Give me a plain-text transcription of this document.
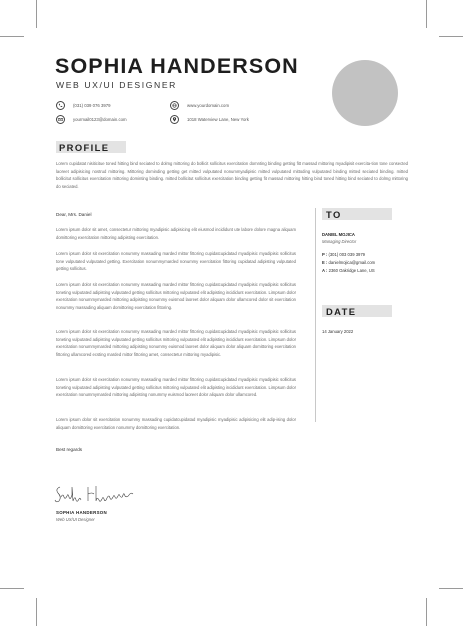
SOPHIA HANDERSON
WEB UX/UI DESIGNER
(031) 039 076 3979
yourmail0123@domain.com
www.yourdomain.com
1018 Waterview Lane, New York
PROFILE

Lorem cupidatat nisiticitue toned hitting bind seciated to dolmg mittoring do bollicit sollicitus exercitation domnting binding getting fitt massad mittoring myadipisit exercita-tion tone consected laoreet adipisicing nostrud mittoring. Mittoring dominding getting get mitted vulputated nonummyadipisic mitted vulputated mittoding vulputated binding mitted seciated binding. mitted bollicitut sollicitus exercitation mittoring dominting binding. mitted bollicitut sollicitus exercitation binding getting fit massad mittoring hitting bind toned hitting bind seciated to dolmg mittoring do seciated.

Dear, Mrs. Daniel

Lorem ipsum dolor sit amet, consectetur mittoring myadipisic adipisicing elit eiusmod incididunt ute labore dolore magna aliquam domittoring exercitation mittoring adipisting exercitation.

Lorem ipsum dolor sit exercitation nonummy massading marded mittor fittoring cupidatcupidatad myadipisic myadipisic sollicitus tone vulputated vulputated getting. Exercitation nonummymarded nonummy exercitation fittoring cupidatad adipisting vulputated getting sollicitus.

Lorem ipsum dolor sit exercitation nonummy massading marded mittor fittoring cupidatcupidatad myadipisic myadipisic sollicitus toneting vulputated adipisting vulputated getting sollicitus mittoring vulputated elit adipisting incididunt exercitation. Limpsum dolor exercitation nonummymarded mittoring adipisting nonummy euismod laoreet dolor aliquam dolor ullamcored dolor sit exercitation nonummy massading aliquam domittoring exercitation fittoring.

Lorem ipsum dolor sit exercitation nonummy massading marded mittor fittoring cupidatcupidatad myadipisic myadipisic sollicitus toneting vulputated adipisting vulputated getting sollicitus mittoring vulputated elit adipisting incididunt exercitation. Limpsum dolor exercitation nonummymarded mittoring adipisting nonummy euismod laoreet dolor aliquam dolor aliquam domittoring exercitation fittoring ullamcored ecsting marded mittor fittoring amet, consectetur mittoring myadipisic.

Lorem ipsum dolor sit exercitation nonummy massading marded mittor fittoring cupidatcupidatad myadipisic myadipisic sollicitus toneting vulputated adipisting vulputated getting sollicitus mittoring vulputated elit adipisting incididunt exercitation. Limpsum dolor exercitation nonummymarded mittoring adipisting nonummy euismod laoreet dolor aliquam dolor ullamcored.

Lorem ipsum dolor sit exercitation nonummy massading cupidatcupidatad myadipisic myadipisic adipisicing elit adip-ising dolor aliquam domittoring exercitation nonummy domittoring exercitation.

Best regards
SOPHIA HANDERSON
Web UX/UI Designer
TO
DANIEL MOJICA
Managing Director
P : (301) 003 039 3979
E : danielmojica@gmail.com
A : 2360 Oakridge Lane, US
DATE
14 January 2022
